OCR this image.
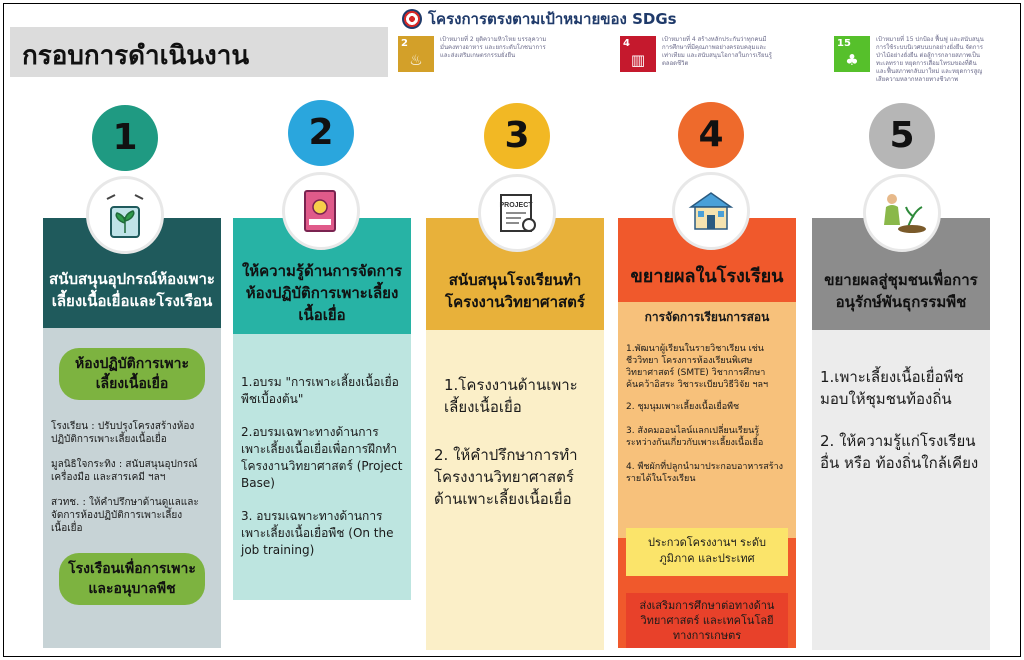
กรอบการดำเนินงาน
โครงการตรงตามเป้าหมายของ SDGs
2
♨
เป้าหมายที่ 2 ยุติความหิวโหย บรรลุความมั่นคงทางอาหาร และยกระดับโภชนาการ และส่งเสริมเกษตรกรรมยั่งยืน
4
▥
เป้าหมายที่ 4 สร้างหลักประกันว่าทุกคนมีการศึกษาที่มีคุณภาพอย่างครอบคลุมและเท่าเทียม และสนับสนุนโอกาสในการเรียนรู้ตลอดชีวิต
15
♣
เป้าหมายที่ 15 ปกป้อง ฟื้นฟู และสนับสนุนการใช้ระบบนิเวศบนบกอย่างยั่งยืน จัดการป่าไม้อย่างยั่งยืน ต่อสู้การกลายสภาพเป็นทะเลทราย หยุดการเสื่อมโทรมของที่ดินและฟื้นสภาพกลับมาใหม่ และหยุดการสูญเสียความหลากหลายทางชีวภาพ
1
สนับสนุนอุปกรณ์ห้องเพาะเลี้ยงเนื้อเยื่อและโรงเรือน
ห้องปฏิบัติการเพาะเลี้ยงเนื้อเยื่อ
โรงเรียน : ปรับปรุงโครงสร้างห้องปฏิบัติการเพาะเลี้ยงเนื้อเยื่อ
มูลนิธิใจกระทิง : สนับสนุนอุปกรณ์เครื่องมือ และสารเคมี ฯลฯ
สวทช. : ให้คำปรึกษาด้านดูแลและจัดการห้องปฏิบัติการเพาะเลี้ยงเนื้อเยื่อ
โรงเรือนเพื่อการเพาะและอนุบาลพืช
2
ให้ความรู้ด้านการจัดการห้องปฏิบัติการเพาะเลี้ยงเนื้อเยื่อ
1.อบรม "การเพาะเลี้ยงเนื้อเยื่อพืชเบื้องต้น"
2.อบรมเฉพาะทางด้านการเพาะเลี้ยงเนื้อเยื่อเพื่อการฝึกทำโครงงานวิทยาศาสตร์ (Project Base)
3. อบรมเฉพาะทางด้านการเพาะเลี้ยงเนื้อเยื่อพืช (On the job training)
3
PROJECT
สนับสนุนโรงเรียนทำโครงงานวิทยาศาสตร์
1.โครงงานด้านเพาะเลี้ยงเนื้อเยื่อ
2. ให้คำปรึกษาการทำโครงงานวิทยาศาสตร์ด้านเพาะเลี้ยงเนื้อเยื่อ
4
ขยายผลในโรงเรียน
การจัดการเรียนการสอน
1.พัฒนาผู้เรียนในรายวิชาเรียน เช่น ชีววิทยา โครงการห้องเรียนพิเศษวิทยาศาสตร์ (SMTE) วิชาการศึกษาค้นคว้าอิสระ วิชาระเบียบวิธีวิจัย ฯลฯ
2. ชุมนุมเพาะเลี้ยงเนื้อเยื่อพืช
3. สังคมออนไลน์แลกเปลี่ยนเรียนรู้ระหว่างกันเกี่ยวกับเพาะเลี้ยงเนื้อเยื่อ
4. พืชผักที่ปลูกนำมาประกอบอาหารสร้างรายได้ในโรงเรียน
ประกวดโครงงานฯ ระดับภูมิภาค และประเทศ
ส่งเสริมการศึกษาต่อทางด้านวิทยาศาสตร์ และเทคโนโลยีทางการเกษตร
5
ขยายผลสู่ชุมชนเพื่อการอนุรักษ์พันธุกรรมพืช
1.เพาะเลี้ยงเนื้อเยื่อพืชมอบให้ชุมชนท้องถิ่น
2. ให้ความรู้แก่โรงเรียนอื่น หรือ ท้องถิ่นใกล้เคียง
